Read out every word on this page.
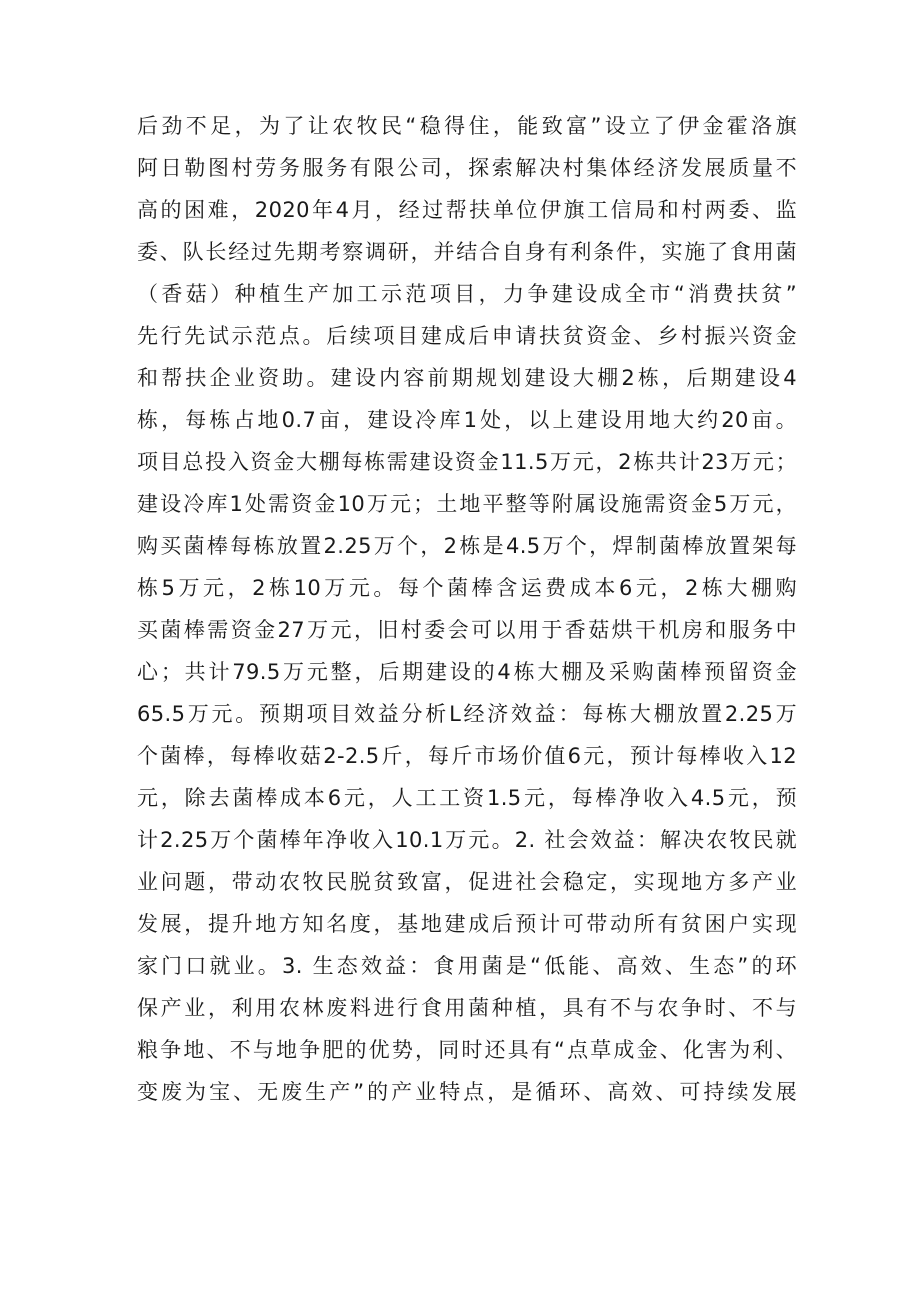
后劲不足，为了让农牧民“稳得住，能致富”设立了伊金霍洛旗
阿日勒图村劳务服务有限公司，探索解决村集体经济发展质量不
高的困难，2020年4月，经过帮扶单位伊旗工信局和村两委、监
委、队长经过先期考察调研，并结合自身有利条件，实施了食用菌
（香菇）种植生产加工示范项目，力争建设成全市“消费扶贫”
先行先试示范点。后续项目建成后申请扶贫资金、乡村振兴资金
和帮扶企业资助。建设内容前期规划建设大棚2栋，后期建设4
栋，每栋占地0.7亩，建设冷库1处，以上建设用地大约20亩。
项目总投入资金大棚每栋需建设资金11.5万元，2栋共计23万元；
建设冷库1处需资金10万元；土地平整等附属设施需资金5万元，
购买菌棒每栋放置2.25万个，2栋是4.5万个，焊制菌棒放置架每
栋5万元，2栋10万元。每个菌棒含运费成本6元，2栋大棚购
买菌棒需资金27万元，旧村委会可以用于香菇烘干机房和服务中
心；共计79.5万元整，后期建设的4栋大棚及采购菌棒预留资金
65.5万元。预期项目效益分析L经济效益：每栋大棚放置2.25万
个菌棒，每棒收菇2-2.5斤，每斤市场价值6元，预计每棒收入12
元，除去菌棒成本6元，人工工资1.5元，每棒净收入4.5元，预
计2.25万个菌棒年净收入10.1万元。2. 社会效益：解决农牧民就
业问题，带动农牧民脱贫致富，促进社会稳定，实现地方多产业
发展，提升地方知名度，基地建成后预计可带动所有贫困户实现
家门口就业。3. 生态效益：食用菌是“低能、高效、生态”的环
保产业，利用农林废料进行食用菌种植，具有不与农争时、不与
粮争地、不与地争肥的优势，同时还具有“点草成金、化害为利、
变废为宝、无废生产”的产业特点，是循环、高效、可持续发展
